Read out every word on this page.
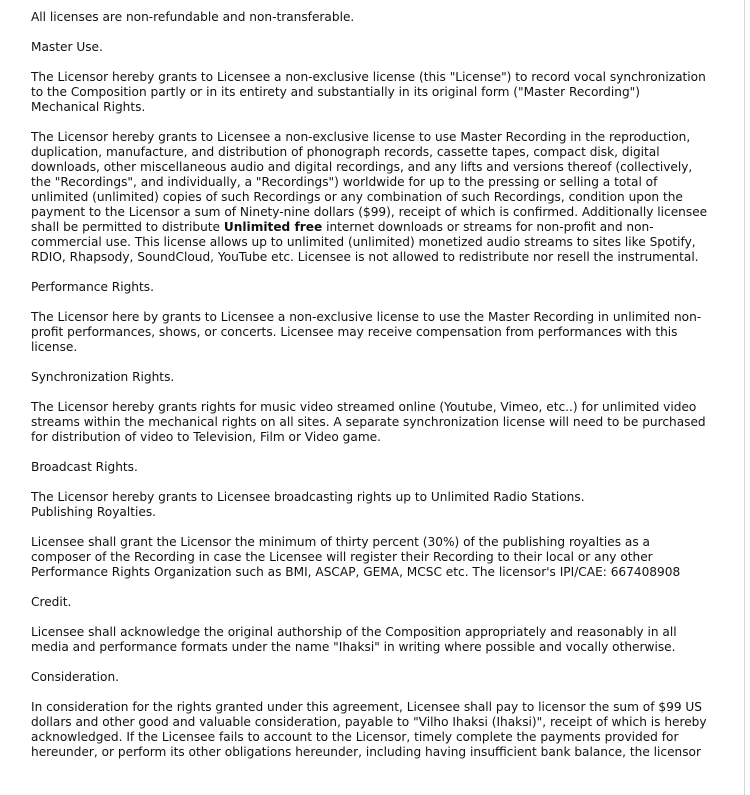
All licenses are non-refundable and non-transferable.

Master Use.

The Licensor hereby grants to Licensee a non-exclusive license (this "License") to record vocal synchronization
to the Composition partly or in its entirety and substantially in its original form ("Master Recording")
Mechanical Rights.

The Licensor hereby grants to Licensee a non-exclusive license to use Master Recording in the reproduction,
duplication, manufacture, and distribution of phonograph records, cassette tapes, compact disk, digital
downloads, other miscellaneous audio and digital recordings, and any lifts and versions thereof (collectively,
the "Recordings", and individually, a "Recordings") worldwide for up to the pressing or selling a total of
unlimited (unlimited) copies of such Recordings or any combination of such Recordings, condition upon the
payment to the Licensor a sum of Ninety-nine dollars ($99), receipt of which is confirmed. Additionally licensee
shall be permitted to distribute Unlimited free internet downloads or streams for non-profit and non-
commercial use. This license allows up to unlimited (unlimited) monetized audio streams to sites like Spotify,
RDIO, Rhapsody, SoundCloud, YouTube etc. Licensee is not allowed to redistribute nor resell the instrumental.

Performance Rights.

The Licensor here by grants to Licensee a non-exclusive license to use the Master Recording in unlimited non-
profit performances, shows, or concerts. Licensee may receive compensation from performances with this
license.

Synchronization Rights.

The Licensor hereby grants rights for music video streamed online (Youtube, Vimeo, etc..) for unlimited video
streams within the mechanical rights on all sites. A separate synchronization license will need to be purchased
for distribution of video to Television, Film or Video game.

Broadcast Rights.

The Licensor hereby grants to Licensee broadcasting rights up to Unlimited Radio Stations.

Publishing Royalties.

Licensee shall grant the Licensor the minimum of thirty percent (30%) of the publishing royalties as a
composer of the Recording in case the Licensee will register their Recording to their local or any other
Performance Rights Organization such as BMI, ASCAP, GEMA, MCSC etc. The licensor's IPI/CAE: 667408908

Credit.

Licensee shall acknowledge the original authorship of the Composition appropriately and reasonably in all
media and performance formats under the name "Ihaksi" in writing where possible and vocally otherwise.

Consideration.

In consideration for the rights granted under this agreement, Licensee shall pay to licensor the sum of $99 US
dollars and other good and valuable consideration, payable to "Vilho Ihaksi (Ihaksi)", receipt of which is hereby
acknowledged. If the Licensee fails to account to the Licensor, timely complete the payments provided for
hereunder, or perform its other obligations hereunder, including having insufficient bank balance, the licensor
